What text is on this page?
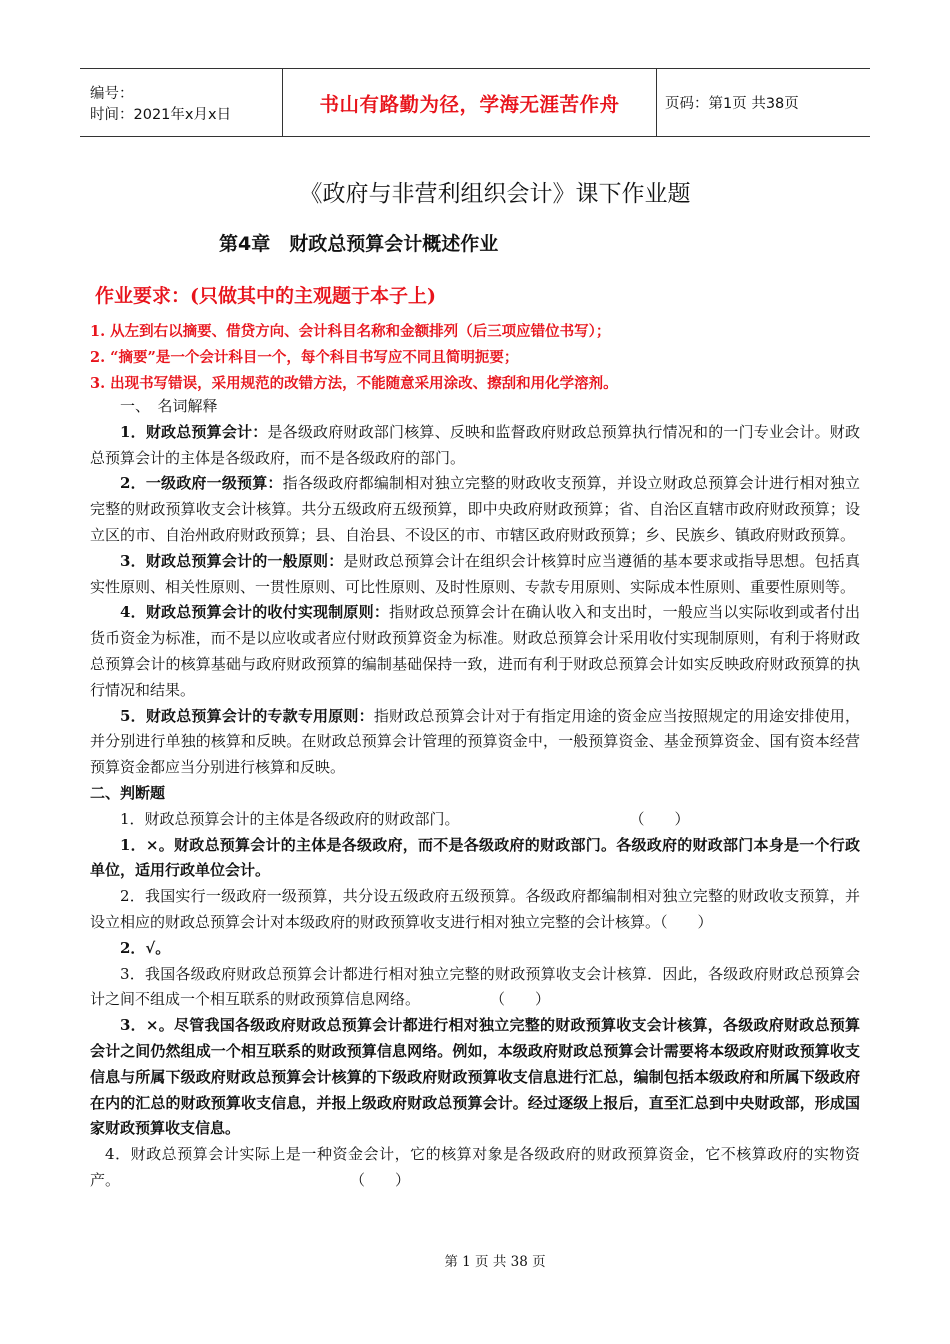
编号：
时间：2021年x月x日	书山有路勤为径，学海无涯苦作舟	页码：第1页 共38页
《政府与非营利组织会计》课下作业题
第4章　财政总预算会计概述作业
作业要求：(只做其中的主观题于本子上)
1. 从左到右以摘要、借贷方向、会计科目名称和金额排列（后三项应错位书写）；
2. “摘要”是一个会计科目一个，每个科目书写应不同且简明扼要；
3. 出现书写错误，采用规范的改错方法，不能随意采用涂改、擦刮和用化学溶剂。

一、　名词解释

1．财政总预算会计：是各级政府财政部门核算、反映和监督政府财政总预算执行情况和的一门专业会计。财政总预算会计的主体是各级政府，而不是各级政府的部门。

2．一级政府一级预算：指各级政府都编制相对独立完整的财政收支预算，并设立财政总预算会计进行相对独立完整的财政预算收支会计核算。共分五级政府五级预算，即中央政府财政预算；省、自治区直辖市政府财政预算；设立区的市、自治州政府财政预算；县、自治县、不设区的市、市辖区政府财政预算；乡、民族乡、镇政府财政预算。

3．财政总预算会计的一般原则：是财政总预算会计在组织会计核算时应当遵循的基本要求或指导思想。包括真实性原则、相关性原则、一贯性原则、可比性原则、及时性原则、专款专用原则、实际成本性原则、重要性原则等。

4．财政总预算会计的收付实现制原则：指财政总预算会计在确认收入和支出时，一般应当以实际收到或者付出货币资金为标准，而不是以应收或者应付财政预算资金为标准。财政总预算会计采用收付实现制原则，有利于将财政总预算会计的核算基础与政府财政预算的编制基础保持一致，进而有利于财政总预算会计如实反映政府财政预算的执行情况和结果。

5．财政总预算会计的专款专用原则：指财政总预算会计对于有指定用途的资金应当按照规定的用途安排使用，并分别进行单独的核算和反映。在财政总预算会计管理的预算资金中，一般预算资金、基金预算资金、国有资本经营预算资金都应当分别进行核算和反映。

二、判断题

1．财政总预算会计的主体是各级政府的财政部门。	（　　）

1．×。财政总预算会计的主体是各级政府，而不是各级政府的财政部门。各级政府的财政部门本身是一个行政单位，适用行政单位会计。

2．我国实行一级政府一级预算，共分设五级政府五级预算。各级政府都编制相对独立完整的财政收支预算，并设立相应的财政总预算会计对本级政府的财政预算收支进行相对独立完整的会计核算。（　　）

2．√。

3．我国各级政府财政总预算会计都进行相对独立完整的财政预算收支会计核算．因此，各级政府财政总预算会计之间不组成一个相互联系的财政预算信息网络。	（　　）

3．×。尽管我国各级政府财政总预算会计都进行相对独立完整的财政预算收支会计核算，各级政府财政总预算会计之间仍然组成一个相互联系的财政预算信息网络。例如，本级政府财政总预算会计需要将本级政府财政预算收支信息与所属下级政府财政总预算会计核算的下级政府财政预算收支信息进行汇总，编制包括本级政府和所属下级政府在内的汇总的财政预算收支信息，并报上级政府财政总预算会计。经过逐级上报后，直至汇总到中央财政部，形成国家财政预算收支信息。

4．财政总预算会计实际上是一种资金会计，它的核算对象是各级政府的财政预算资金，它不核算政府的实物资产。	（　　）

第 1 页 共 38 页
